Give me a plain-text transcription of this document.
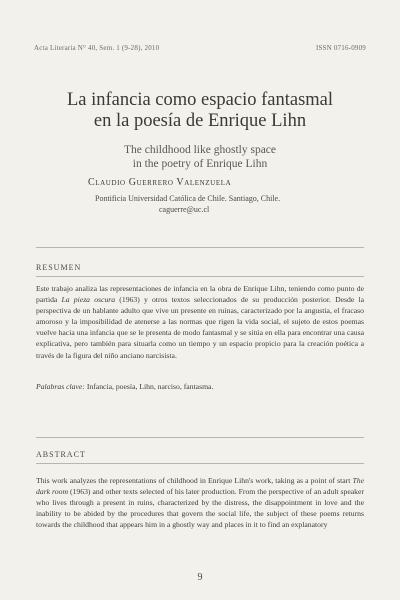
Acta Literaria N° 40, Sem. 1 (9-28), 2010	ISSN 0716-0909
La infancia como espacio fantasmal
en la poesía de Enrique Lihn
The childhood like ghostly space
in the poetry of Enrique Lihn
Claudio Guerrero Valenzuela
Pontificia Universidad Católica de Chile. Santiago, Chile.
caguerre@uc.cl
RESUMEN
Este trabajo analiza las representaciones de infancia en la obra de Enrique Lihn, teniendo como punto de partida La pieza oscura (1963) y otros textos seleccionados de su producción posterior. Desde la perspectiva de un hablante adulto que vive un presente en ruinas, caracterizado por la angustia, el fracaso amoroso y la imposibilidad de atenerse a las normas que rigen la vida social, el sujeto de estos poemas vuelve hacia una infancia que se le presenta de modo fantasmal y se sitúa en ella para encontrar una causa explicativa, pero también para situarla como un tiempo y un espacio propicio para la creación poética a través de la figura del niño anciano narcisista.
Palabras clave: Infancia, poesía, Lihn, narciso, fantasma.
ABSTRACT
This work analyzes the representations of childhood in Enrique Lihn's work, taking as a point of start The dark room (1963) and other texts selected of his later production. From the perspective of an adult speaker who lives through a present in ruins, characterized by the distress, the disappointment in love and the inability to be abided by the procedures that govern the social life, the subject of these poems returns towards the childhood that appears him in a ghostly way and places in it to find an explanatory
9
